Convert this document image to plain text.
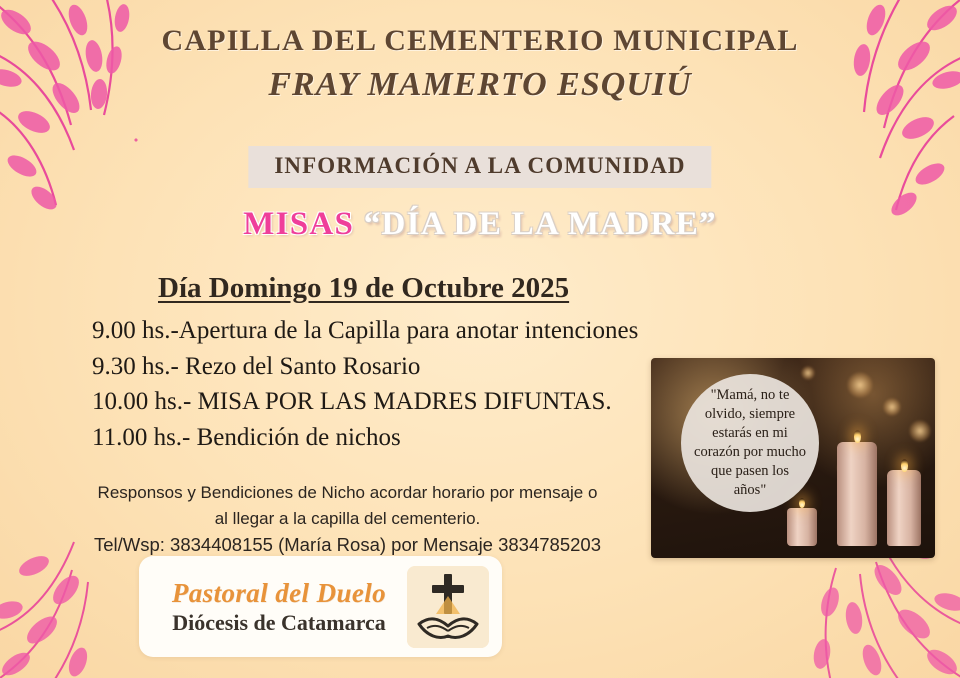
CAPILLA DEL CEMENTERIO MUNICIPAL
FRAY MAMERTO ESQUIÚ
INFORMACIÓN A LA COMUNIDAD
MISAS “DÍA DE LA MADRE”
Día Domingo 19 de Octubre 2025
9.00 hs.-Apertura de la Capilla para anotar intenciones
9.30 hs.- Rezo del Santo Rosario
10.00 hs.- MISA POR LAS MADRES DIFUNTAS.
11.00 hs.- Bendición de nichos
Responsos y Bendiciones de Nicho acordar horario por mensaje o
al llegar a la capilla del cementerio.
Tel/Wsp: 3834408155 (María Rosa) por Mensaje 3834785203
"Mamá, no te olvido, siempre estarás en mi corazón por mucho que pasen los años"
Pastoral del Duelo
Diócesis de Catamarca
